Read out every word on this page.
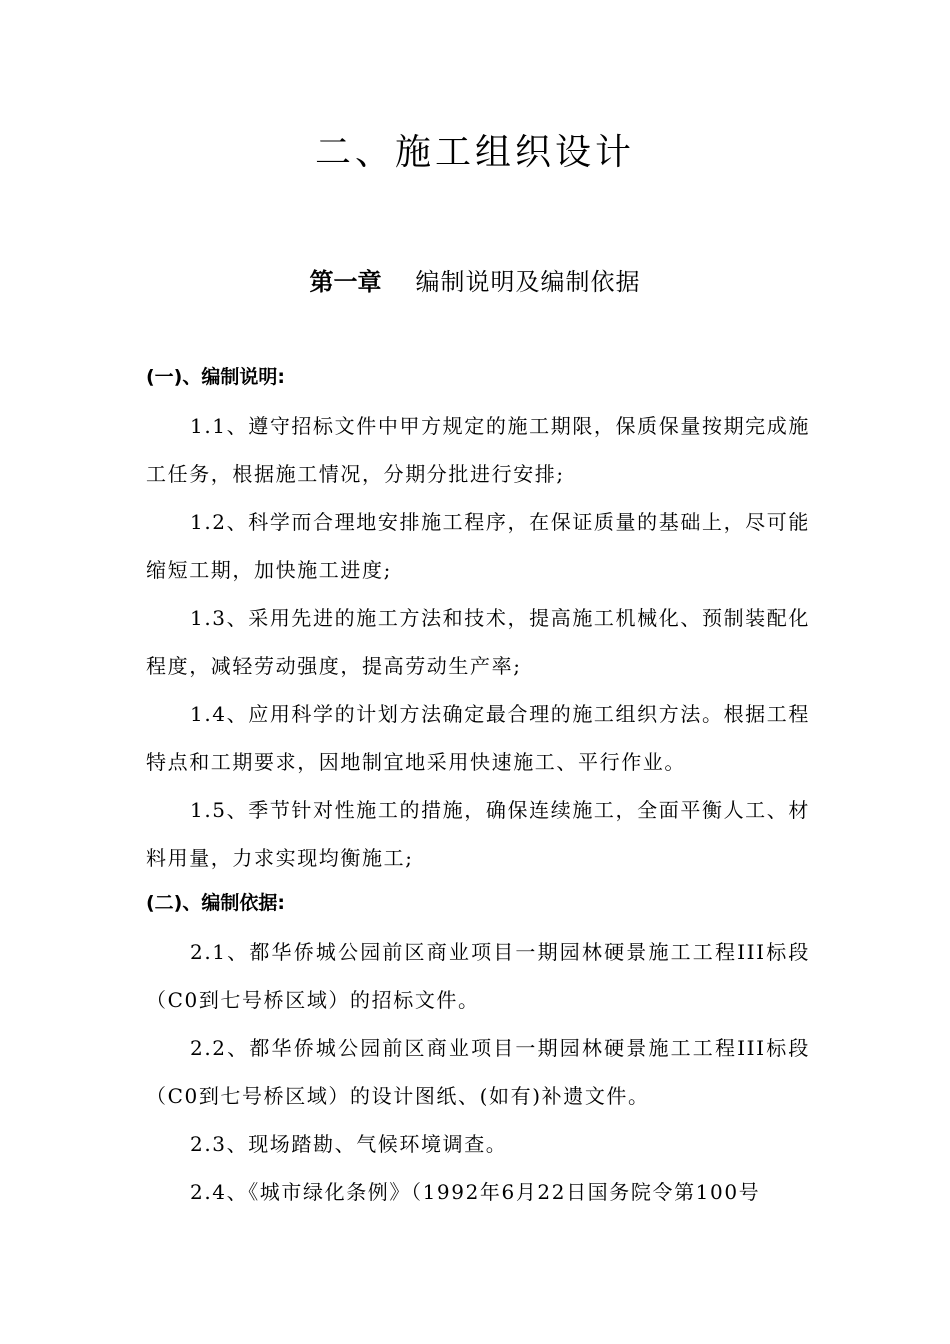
二、施工组织设计
第一章 编制说明及编制依据
(一)、编制说明:

1.1、遵守招标文件中甲方规定的施工期限，保质保量按期完成施工任务，根据施工情况，分期分批进行安排;

1.2、科学而合理地安排施工程序，在保证质量的基础上，尽可能缩短工期，加快施工进度;

1.3、采用先进的施工方法和技术，提高施工机械化、预制装配化程度，减轻劳动强度，提高劳动生产率;

1.4、应用科学的计划方法确定最合理的施工组织方法。根据工程特点和工期要求，因地制宜地采用快速施工、平行作业。

1.5、季节针对性施工的措施，确保连续施工，全面平衡人工、材料用量，力求实现均衡施工;

(二)、编制依据:

2.1、都华侨城公园前区商业项目一期园林硬景施工工程III标段（C0到七号桥区域）的招标文件。

2.2、都华侨城公园前区商业项目一期园林硬景施工工程III标段（C0到七号桥区域）的设计图纸、(如有)补遗文件。

2.3、现场踏勘、气候环境调查。

2.4、《城市绿化条例》（1992年6月22日国务院令第100号
